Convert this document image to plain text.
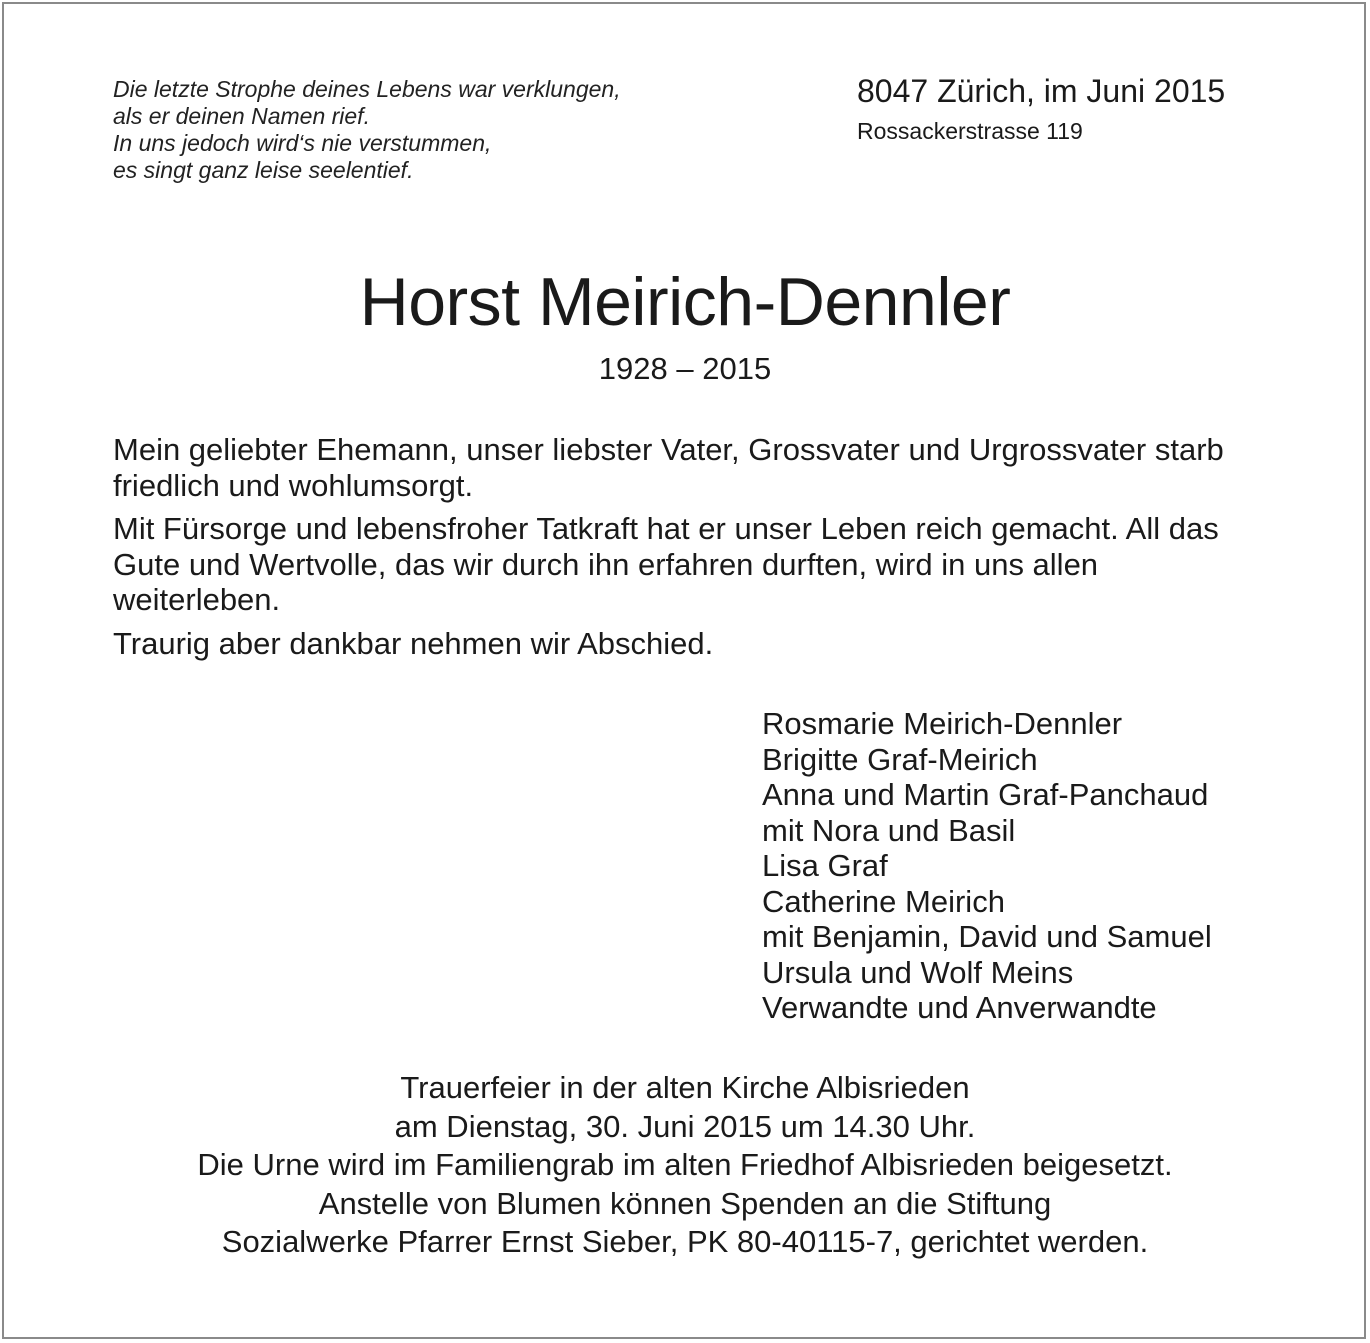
Die letzte Strophe deines Lebens war verklungen,
als er deinen Namen rief.
In uns jedoch wird‘s nie verstummen,
es singt ganz leise seelentief.
8047 Zürich, im Juni 2015
Rossackerstrasse 119
Horst Meirich-Dennler
1928 – 2015

Mein geliebter Ehemann, unser liebster Vater, Grossvater und Urgrossvater starb friedlich und wohlumsorgt.

Mit Fürsorge und lebensfroher Tatkraft hat er unser Leben reich gemacht. All das Gute und Wertvolle, das wir durch ihn erfahren durften, wird in uns allen weiterleben.

Traurig aber dankbar nehmen wir Abschied.

Rosmarie Meirich-Dennler
Brigitte Graf-Meirich
Anna und Martin Graf-Panchaud
mit Nora und Basil
Lisa Graf
Catherine Meirich
mit Benjamin, David und Samuel
Ursula und Wolf Meins
Verwandte und Anverwandte
Trauerfeier in der alten Kirche Albisrieden
am Dienstag, 30. Juni 2015 um 14.30 Uhr.
Die Urne wird im Familiengrab im alten Friedhof Albisrieden beigesetzt.
Anstelle von Blumen können Spenden an die Stiftung
Sozialwerke Pfarrer Ernst Sieber, PK 80-40115-7, gerichtet werden.
